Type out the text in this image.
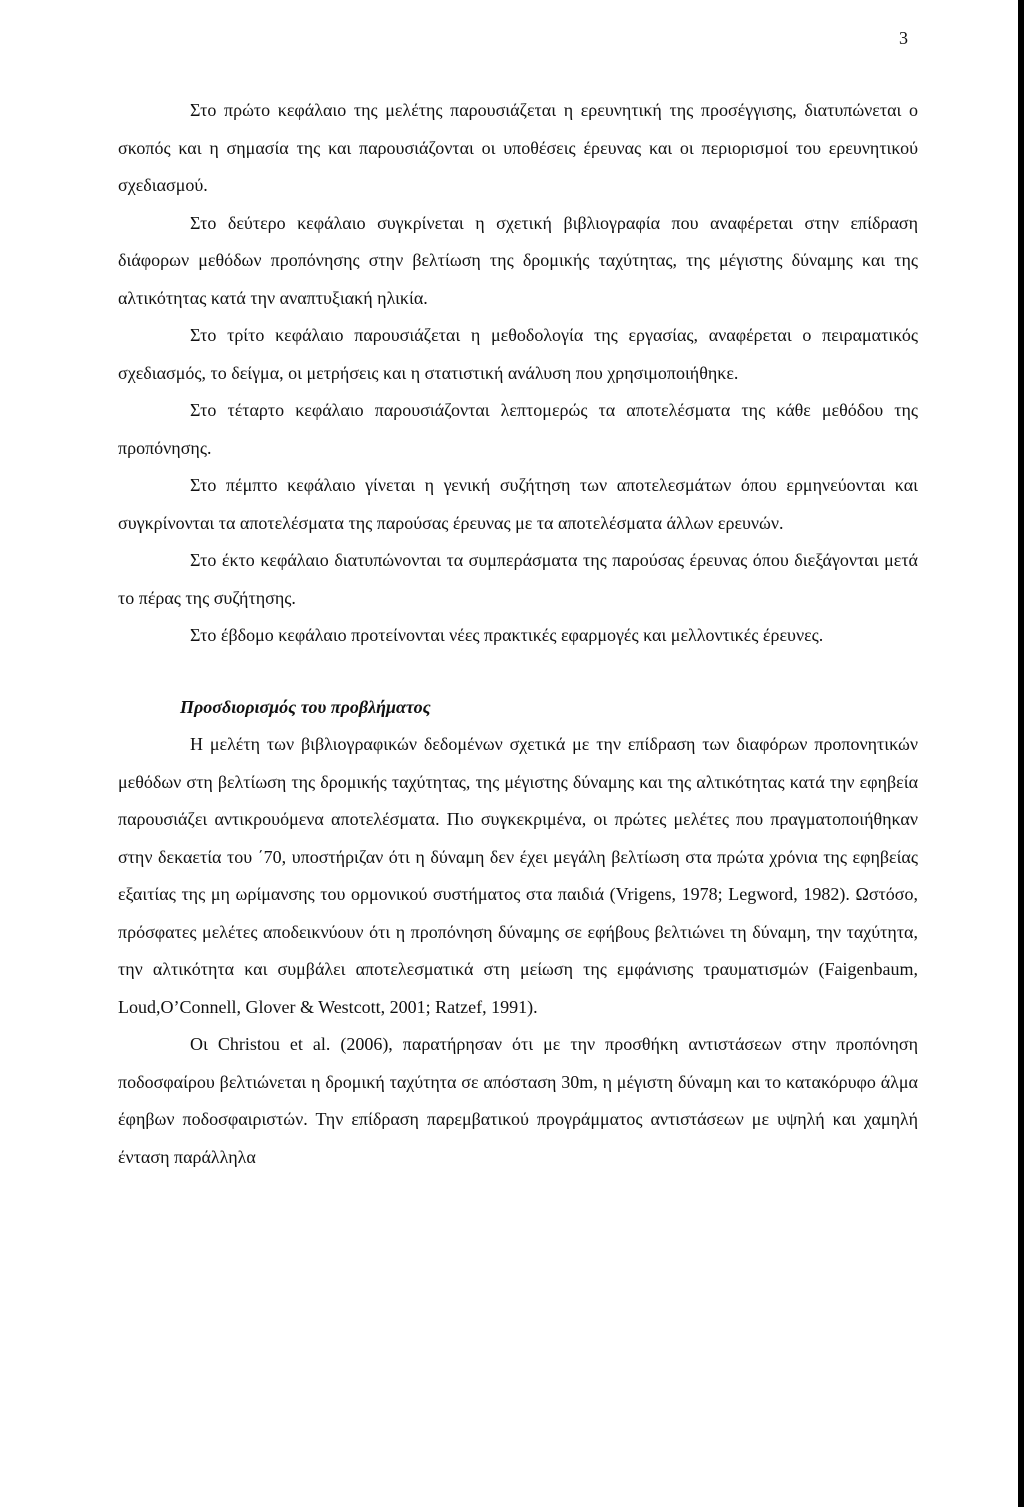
3

Στο πρώτο κεφάλαιο της μελέτης παρουσιάζεται η ερευνητική της προσέγγισης, διατυπώνεται ο σκοπός και η σημασία της και παρουσιάζονται οι υποθέσεις έρευνας και οι περιορισμοί του ερευνητικού σχεδιασμού.

Στο δεύτερο κεφάλαιο συγκρίνεται η σχετική βιβλιογραφία που αναφέρεται στην επίδραση διάφορων μεθόδων προπόνησης στην βελτίωση της δρομικής ταχύτητας, της μέγιστης δύναμης και της αλτικότητας κατά την αναπτυξιακή ηλικία.

Στο τρίτο κεφάλαιο παρουσιάζεται η μεθοδολογία της εργασίας, αναφέρεται ο πειραματικός σχεδιασμός, το δείγμα, οι μετρήσεις και η στατιστική ανάλυση που χρησιμοποιήθηκε.

Στο τέταρτο κεφάλαιο παρουσιάζονται λεπτομερώς τα αποτελέσματα της κάθε μεθόδου της προπόνησης.

Στο πέμπτο κεφάλαιο γίνεται η γενική συζήτηση των αποτελεσμάτων όπου ερμηνεύονται και συγκρίνονται τα αποτελέσματα της παρούσας έρευνας με τα αποτελέσματα άλλων ερευνών.

Στο έκτο κεφάλαιο διατυπώνονται τα συμπεράσματα της παρούσας έρευνας όπου διεξάγονται μετά το πέρας της συζήτησης.

Στο έβδομο κεφάλαιο προτείνονται νέες πρακτικές εφαρμογές και μελλοντικές έρευνες.

Προσδιορισμός του προβλήματος

Η μελέτη των βιβλιογραφικών δεδομένων σχετικά με την επίδραση των διαφόρων προπονητικών μεθόδων στη βελτίωση της δρομικής ταχύτητας, της μέγιστης δύναμης και της αλτικότητας κατά την εφηβεία παρουσιάζει αντικρουόμενα αποτελέσματα. Πιο συγκεκριμένα, οι πρώτες μελέτες που πραγματοποιήθηκαν στην δεκαετία του ΄70, υποστήριζαν ότι η δύναμη δεν έχει μεγάλη βελτίωση στα πρώτα χρόνια της εφηβείας εξαιτίας της μη ωρίμανσης του ορμονικού συστήματος στα παιδιά (Vrigens, 1978; Legword, 1982). Ωστόσο, πρόσφατες μελέτες αποδεικνύουν ότι η προπόνηση δύναμης σε εφήβους βελτιώνει τη δύναμη, την ταχύτητα, την αλτικότητα και συμβάλει αποτελεσματικά στη μείωση της εμφάνισης τραυματισμών (Faigenbaum, Loud,O’Connell, Glover & Westcott, 2001; Ratzef, 1991).

Οι Christou et al. (2006), παρατήρησαν ότι με την προσθήκη αντιστάσεων στην προπόνηση ποδοσφαίρου βελτιώνεται η δρομική ταχύτητα σε απόσταση 30m, η μέγιστη δύναμη και το κατακόρυφο άλμα έφηβων ποδοσφαιριστών. Την επίδραση παρεμβατικού προγράμματος αντιστάσεων με υψηλή και χαμηλή ένταση παράλληλα
